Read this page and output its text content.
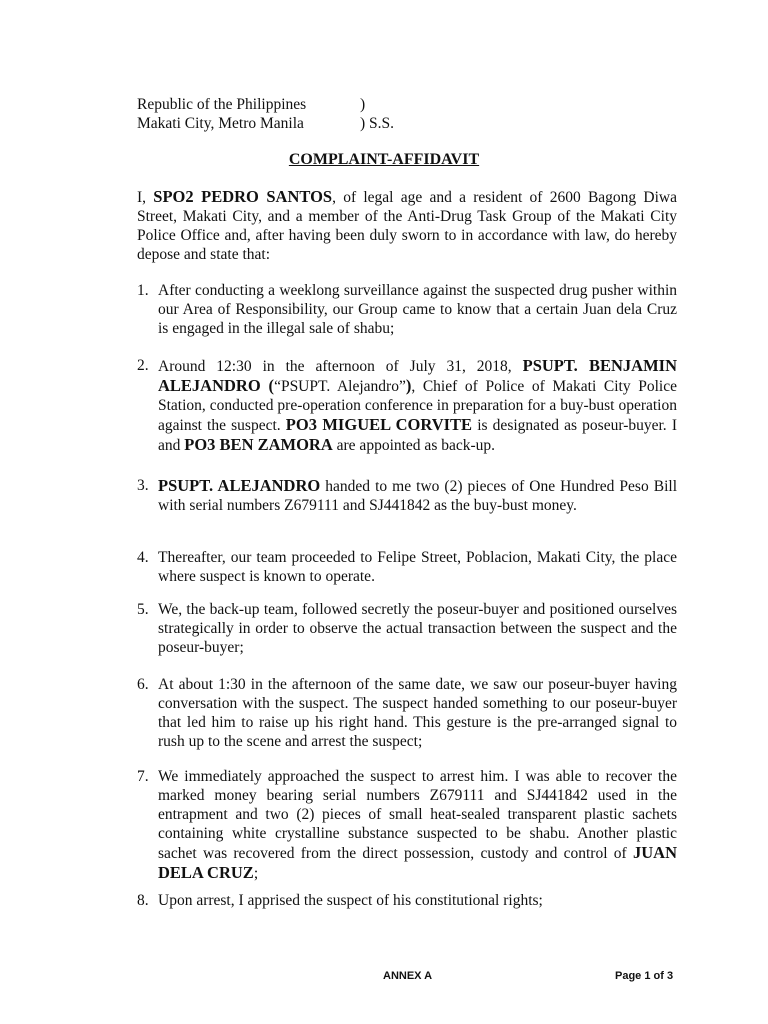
Republic of the Philippines	)
Makati City, Metro Manila	) S.S.
COMPLAINT-AFFIDAVIT
I, SPO2 PEDRO SANTOS, of legal age and a resident of 2600 Bagong Diwa Street, Makati City, and a member of the Anti-Drug Task Group of the Makati City Police Office and, after having been duly sworn to in accordance with law, do hereby depose and state that:
1. After conducting a weeklong surveillance against the suspected drug pusher within our Area of Responsibility, our Group came to know that a certain Juan dela Cruz is engaged in the illegal sale of shabu;
2. Around 12:30 in the afternoon of July 31, 2018, PSUPT. BENJAMIN ALEJANDRO (“PSUPT. Alejandro”), Chief of Police of Makati City Police Station, conducted pre-operation conference in preparation for a buy-bust operation against the suspect. PO3 MIGUEL CORVITE is designated as poseur-buyer. I and PO3 BEN ZAMORA are appointed as back-up.
3. PSUPT. ALEJANDRO handed to me two (2) pieces of One Hundred Peso Bill with serial numbers Z679111 and SJ441842 as the buy-bust money.
4. Thereafter, our team proceeded to Felipe Street, Poblacion, Makati City, the place where suspect is known to operate.
5. We, the back-up team, followed secretly the poseur-buyer and positioned ourselves strategically in order to observe the actual transaction between the suspect and the poseur-buyer;
6. At about 1:30 in the afternoon of the same date, we saw our poseur-buyer having conversation with the suspect. The suspect handed something to our poseur-buyer that led him to raise up his right hand. This gesture is the pre-arranged signal to rush up to the scene and arrest the suspect;
7. We immediately approached the suspect to arrest him. I was able to recover the marked money bearing serial numbers Z679111 and SJ441842 used in the entrapment and two (2) pieces of small heat-sealed transparent plastic sachets containing white crystalline substance suspected to be shabu. Another plastic sachet was recovered from the direct possession, custody and control of JUAN DELA CRUZ;
8. Upon arrest, I apprised the suspect of his constitutional rights;
ANNEX A	Page 1 of 3
